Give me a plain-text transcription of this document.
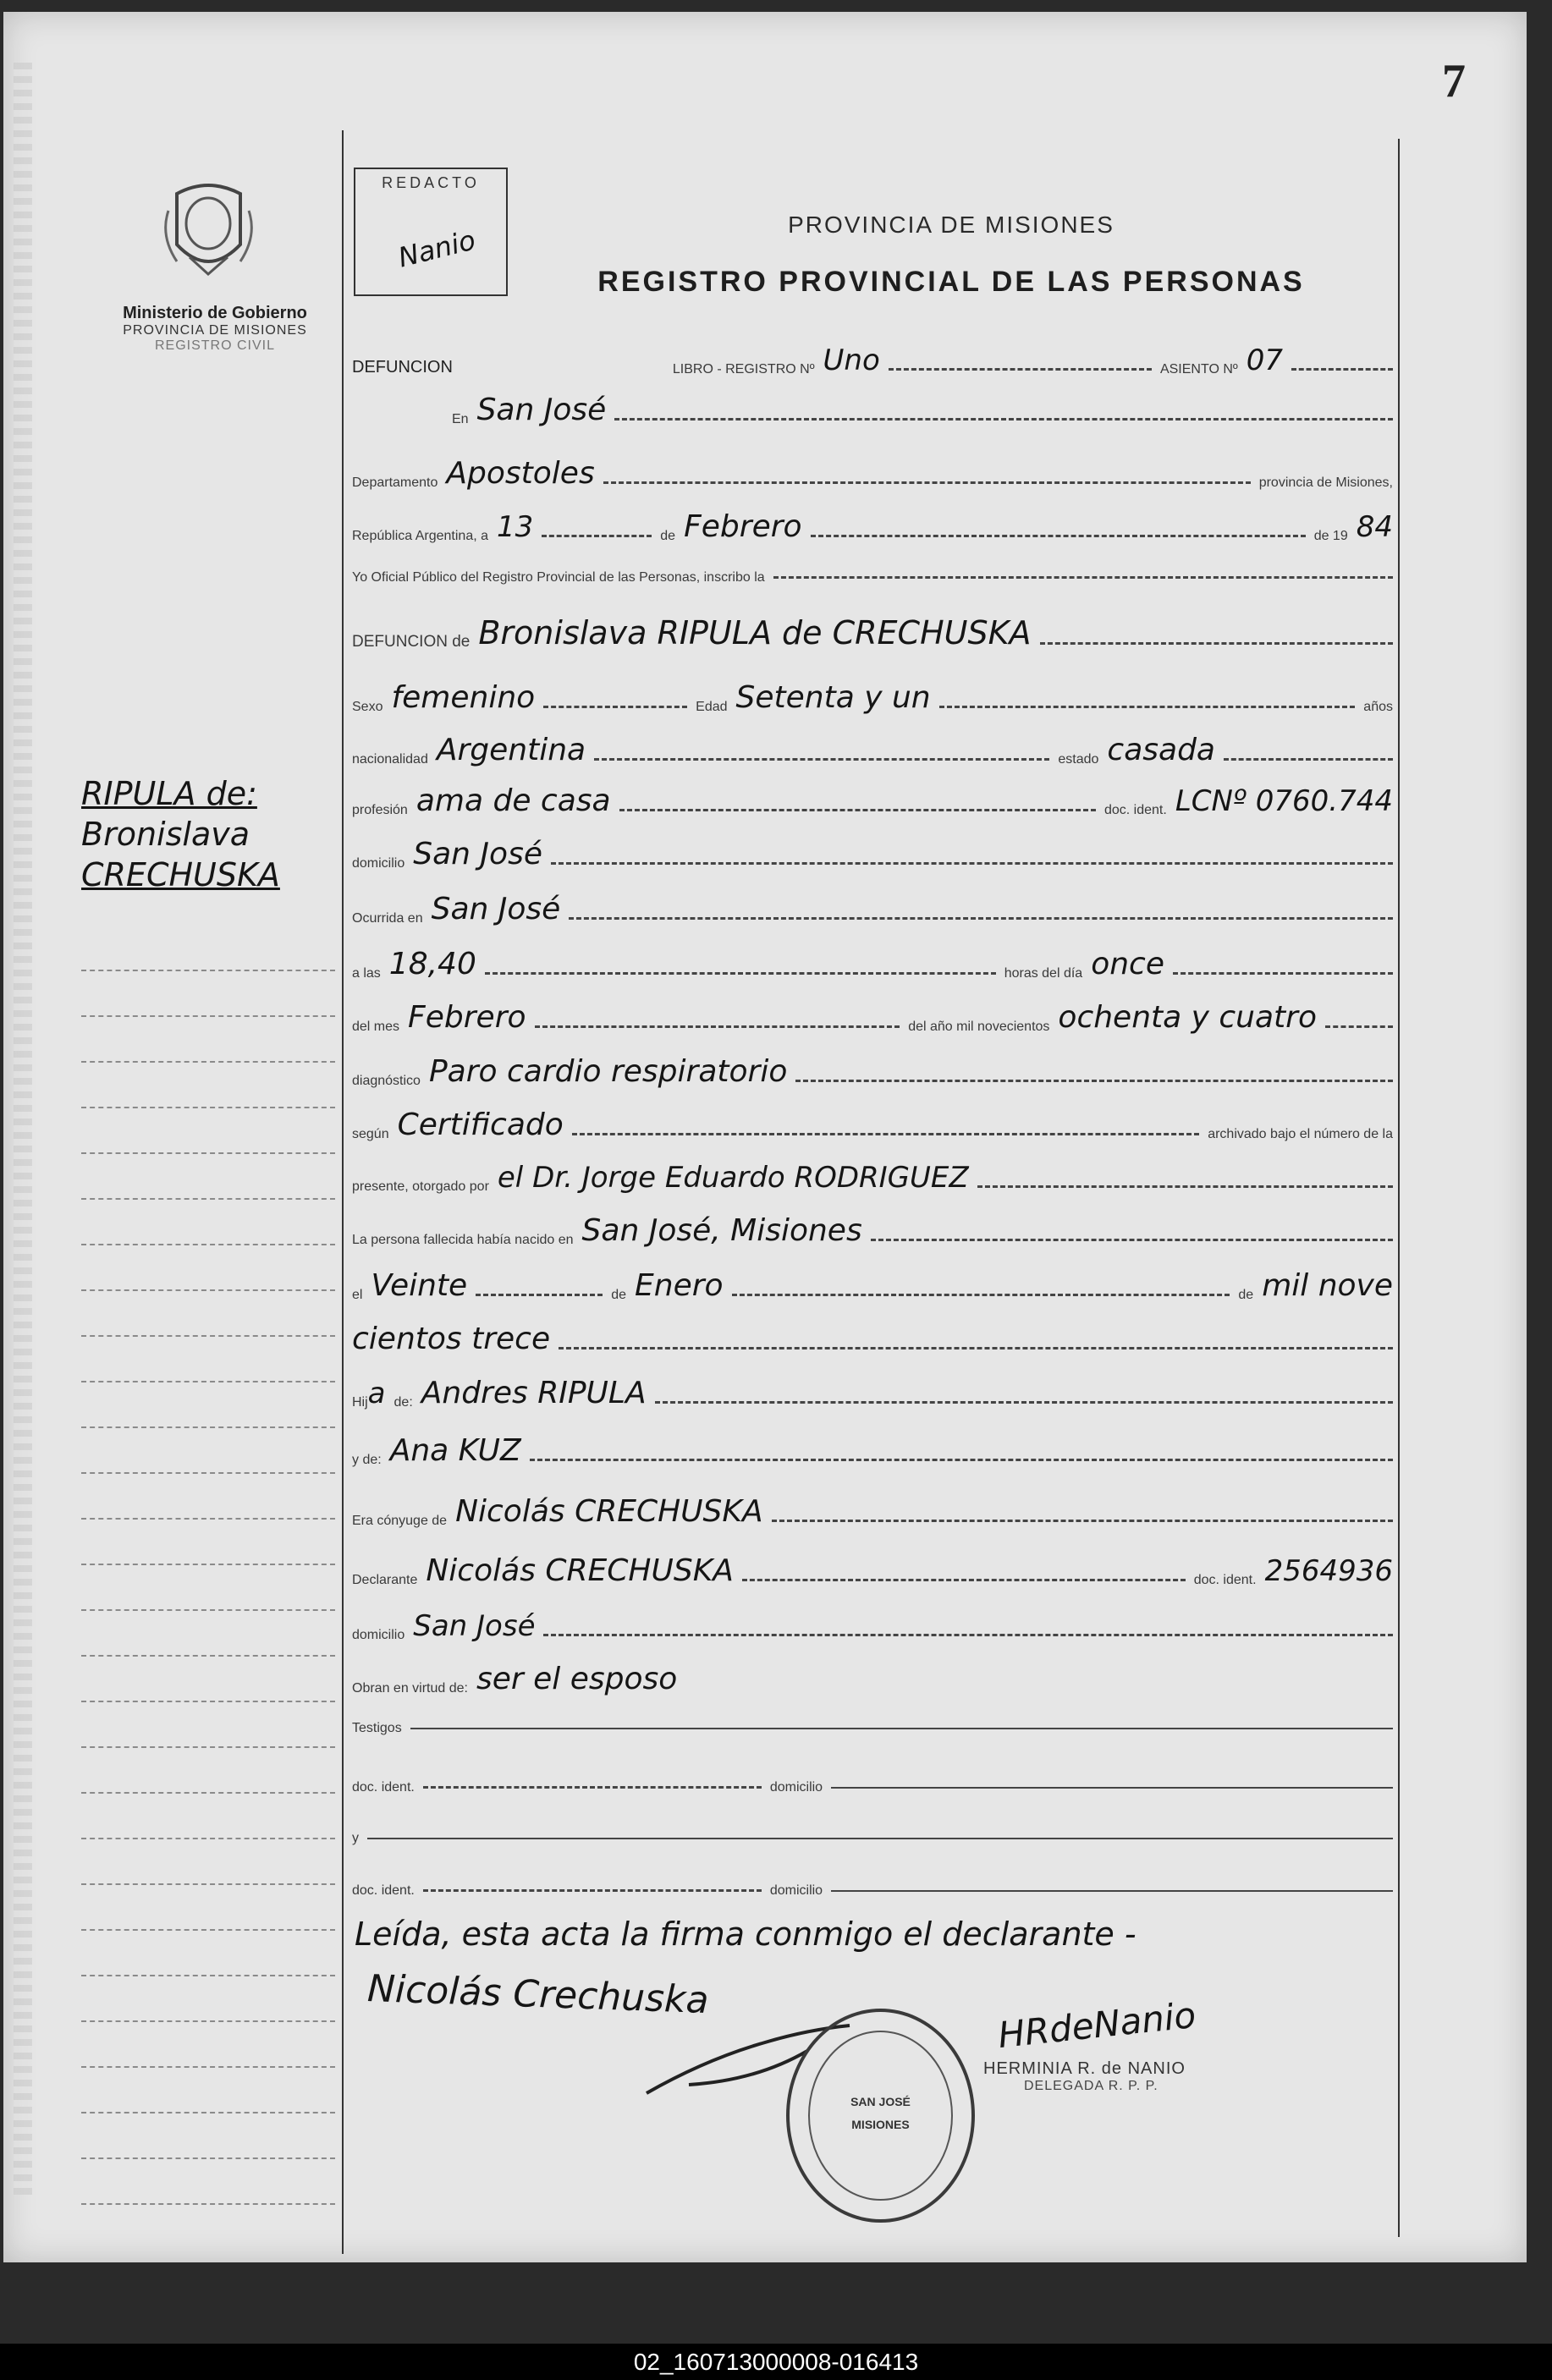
7
Ministerio de Gobierno
PROVINCIA DE MISIONES
REGISTRO CIVIL
RIPULA de:
Bronislava
CRECHUSKA
REDACTO
Nanio	PROVINCIA DE MISIONES
REGISTRO PROVINCIAL DE LAS PERSONAS
DEFUNCION	LIBRO - REGISTRO Nº Uno	ASIENTO Nº 07
En San José
Departamento Apostoles	provincia de Misiones,
República Argentina, a 13	de Febrero	de 19 84
Yo Oficial Público del Registro Provincial de las Personas, inscribo la
DEFUNCION de Bronislava RIPULA de CRECHUSKA
Sexo femenino	Edad Setenta y un	años
nacionalidad Argentina	estado casada
profesión ama de casa	doc. ident. LCNº 0760.744
domicilio San José
Ocurrida en San José
a las 18,40	horas del día once
del mes Febrero	del año mil novecientos ochenta y cuatro
diagnóstico Paro cardio respiratorio
según Certificado	archivado bajo el número de la
presente, otorgado por el Dr. Jorge Eduardo RODRIGUEZ
La persona fallecida había nacido en San José, Misiones
el Veinte	de Enero	de mil nove
cientos trece
Hij a de: Andres RIPULA
y de: Ana KUZ
Era cónyuge de Nicolás CRECHUSKA
Declarante Nicolás CRECHUSKA	doc. ident. 2564936
domicilio San José
Obran en virtud de: ser el esposo
Testigos
doc. ident.	domicilio
y
doc. ident.	domicilio
Leída, esta acta la firma conmigo el declarante -
Nicolás Crechuska
SAN JOSÉ
MISIONES
HRdeNanio
HERMINIA R. de NANIO
DELEGADA R. P. P.
02_160713000008-016413
